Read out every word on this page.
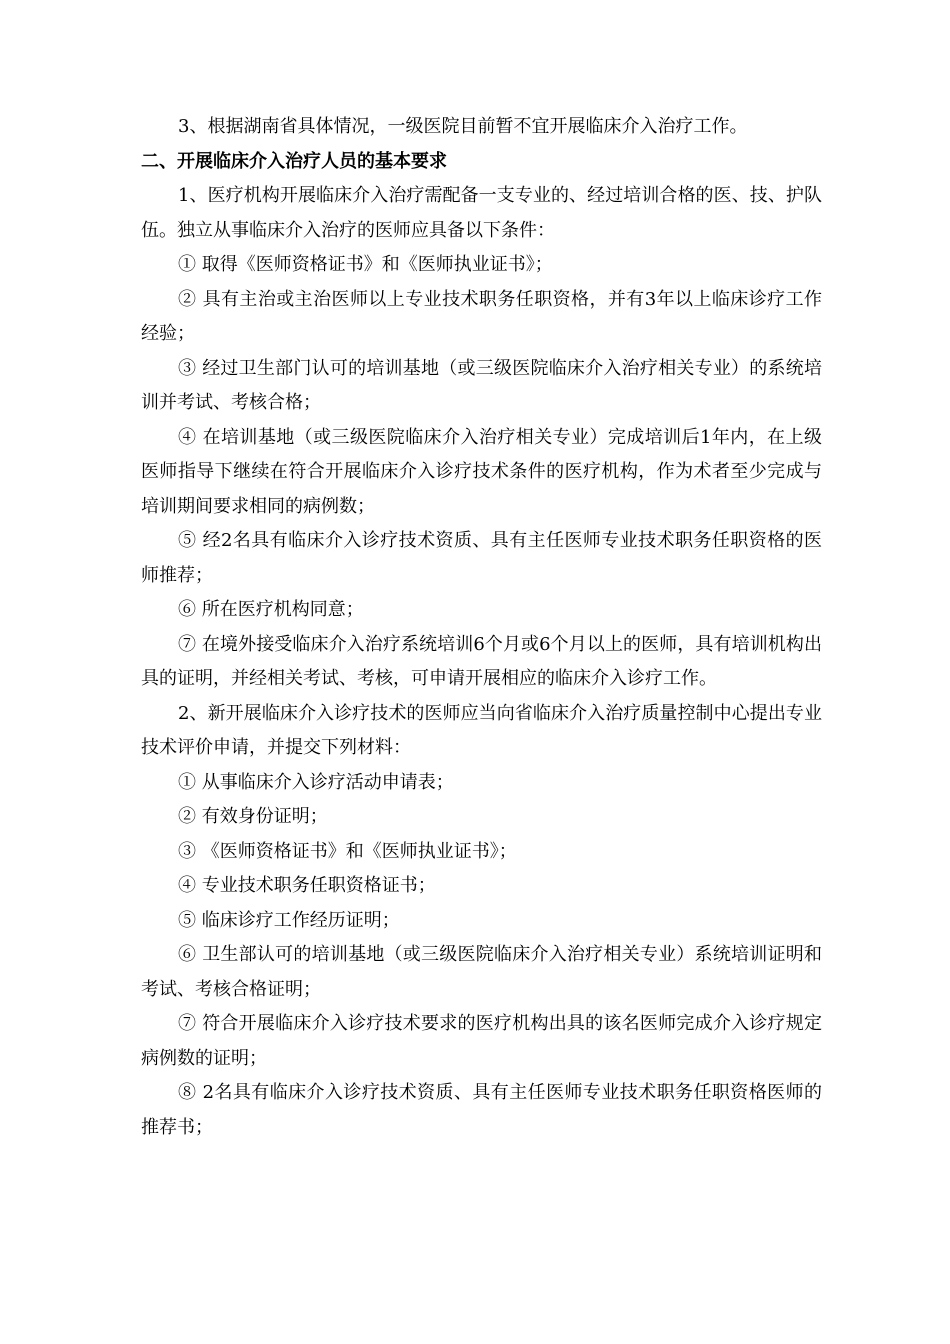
3、根据湖南省具体情况，一级医院目前暂不宜开展临床介入治疗工作。

二、开展临床介入治疗人员的基本要求

1、医疗机构开展临床介入治疗需配备一支专业的、经过培训合格的医、技、护队伍。独立从事临床介入治疗的医师应具备以下条件：

① 取得《医师资格证书》和《医师执业证书》；

② 具有主治或主治医师以上专业技术职务任职资格，并有3年以上临床诊疗工作经验；

③ 经过卫生部门认可的培训基地（或三级医院临床介入治疗相关专业）的系统培训并考试、考核合格；

④ 在培训基地（或三级医院临床介入治疗相关专业）完成培训后1年内，在上级医师指导下继续在符合开展临床介入诊疗技术条件的医疗机构，作为术者至少完成与培训期间要求相同的病例数；

⑤ 经2名具有临床介入诊疗技术资质、具有主任医师专业技术职务任职资格的医师推荐；

⑥ 所在医疗机构同意；

⑦ 在境外接受临床介入治疗系统培训6个月或6个月以上的医师，具有培训机构出具的证明，并经相关考试、考核，可申请开展相应的临床介入诊疗工作。

2、新开展临床介入诊疗技术的医师应当向省临床介入治疗质量控制中心提出专业技术评价申请，并提交下列材料：

① 从事临床介入诊疗活动申请表；

② 有效身份证明；

③ 《医师资格证书》和《医师执业证书》；

④ 专业技术职务任职资格证书；

⑤ 临床诊疗工作经历证明；

⑥ 卫生部认可的培训基地（或三级医院临床介入治疗相关专业）系统培训证明和考试、考核合格证明；

⑦ 符合开展临床介入诊疗技术要求的医疗机构出具的该名医师完成介入诊疗规定病例数的证明；

⑧ 2名具有临床介入诊疗技术资质、具有主任医师专业技术职务任职资格医师的推荐书；
